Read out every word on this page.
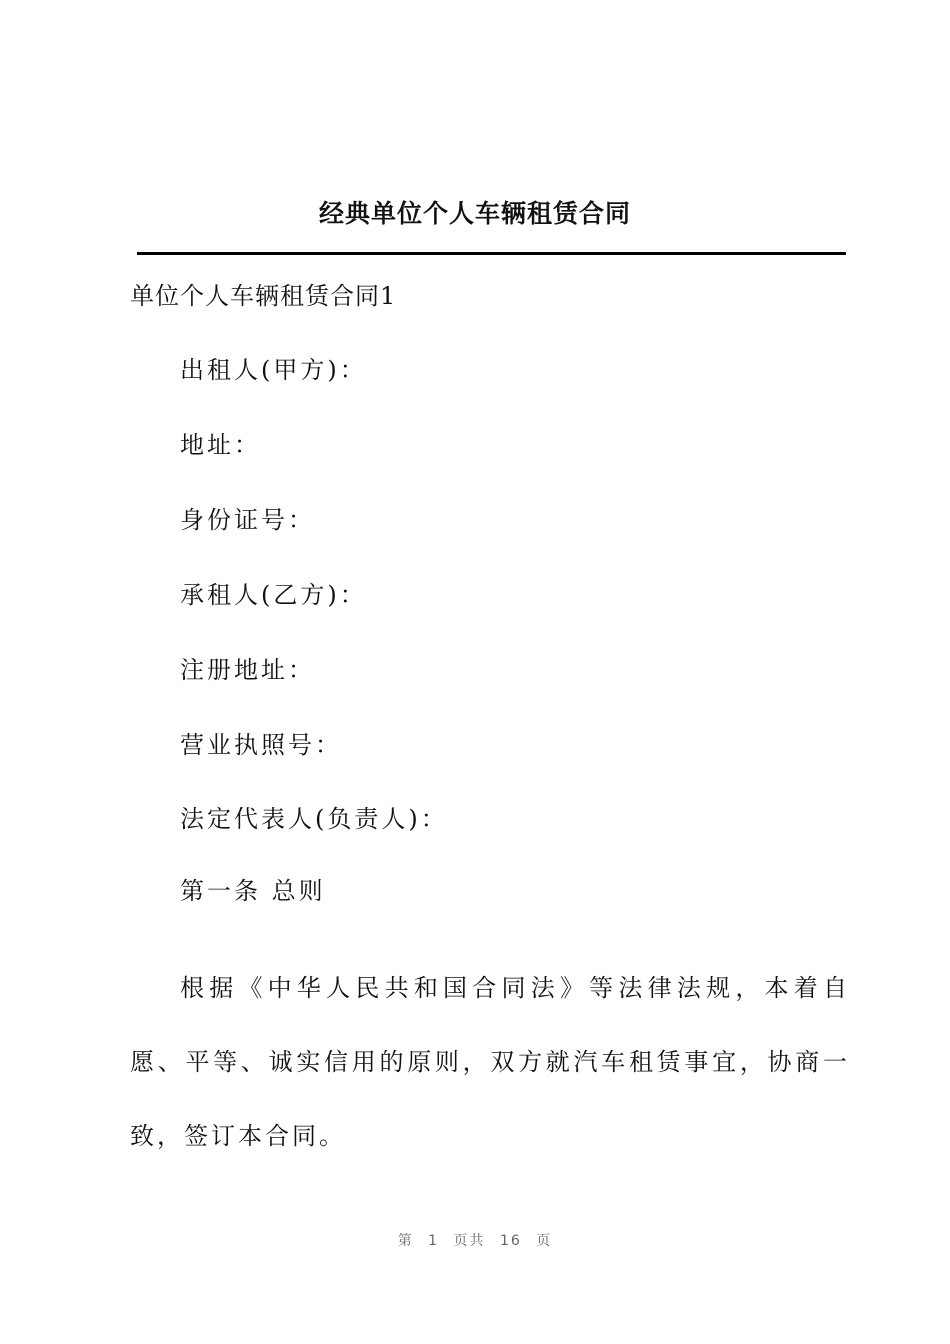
经典单位个人车辆租赁合同
单位个人车辆租赁合同1
出租人(甲方)：
地址：
身份证号：
承租人(乙方)：
注册地址：
营业执照号：
法定代表人(负责人)：
第一条 总则
根据《中华人民共和国合同法》等法律法规，本着自愿、平等、诚实信用的原则，双方就汽车租赁事宜，协商一致，签订本合同。
第 1 页共 16 页
